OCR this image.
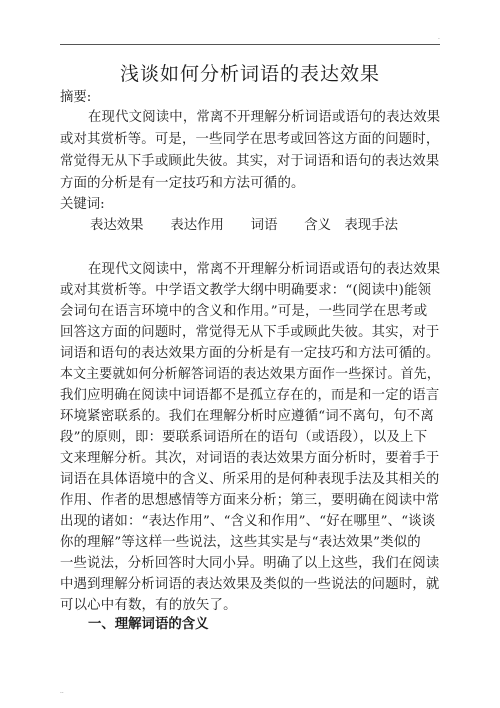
·
浅谈如何分析词语的表达效果
摘要:
在现代文阅读中，常离不开理解分析词语或语句的表达效果
或对其赏析等。可是，一些同学在思考或回答这方面的问题时，
常觉得无从下手或顾此失彼。其实，对于词语和语句的表达效果
方面的分析是有一定技巧和方法可循的。
关键词:
表达效果　　表达作用　　词语　　含义　表现手法
在现代文阅读中，常离不开理解分析词语或语句的表达效果
或对其赏析等。中学语文教学大纲中明确要求：“(阅读中)能领
会词句在语言环境中的含义和作用。”可是，一些同学在思考或
回答这方面的问题时，常觉得无从下手或顾此失彼。其实，对于
词语和语句的表达效果方面的分析是有一定技巧和方法可循的。
本文主要就如何分析解答词语的表达效果方面作一些探讨。首先，
我们应明确在阅读中词语都不是孤立存在的，而是和一定的语言
环境紧密联系的。我们在理解分析时应遵循“词不离句，句不离
段”的原则，即：要联系词语所在的语句（或语段），以及上下
文来理解分析。其次，对词语的表达效果方面分析时，要着手于
词语在具体语境中的含义、所采用的是何种表现手法及其相关的
作用、作者的思想感情等方面来分析；第三，要明确在阅读中常
出现的诸如：“表达作用”、“含义和作用”、“好在哪里”、“谈谈
你的理解”等这样一些说法，这些其实是与“表达效果”类似的
一些说法，分析回答时大同小异。明确了以上这些，我们在阅读
中遇到理解分析词语的表达效果及类似的一些说法的问题时，就
可以心中有数，有的放矢了。
一、理解词语的含义
··
